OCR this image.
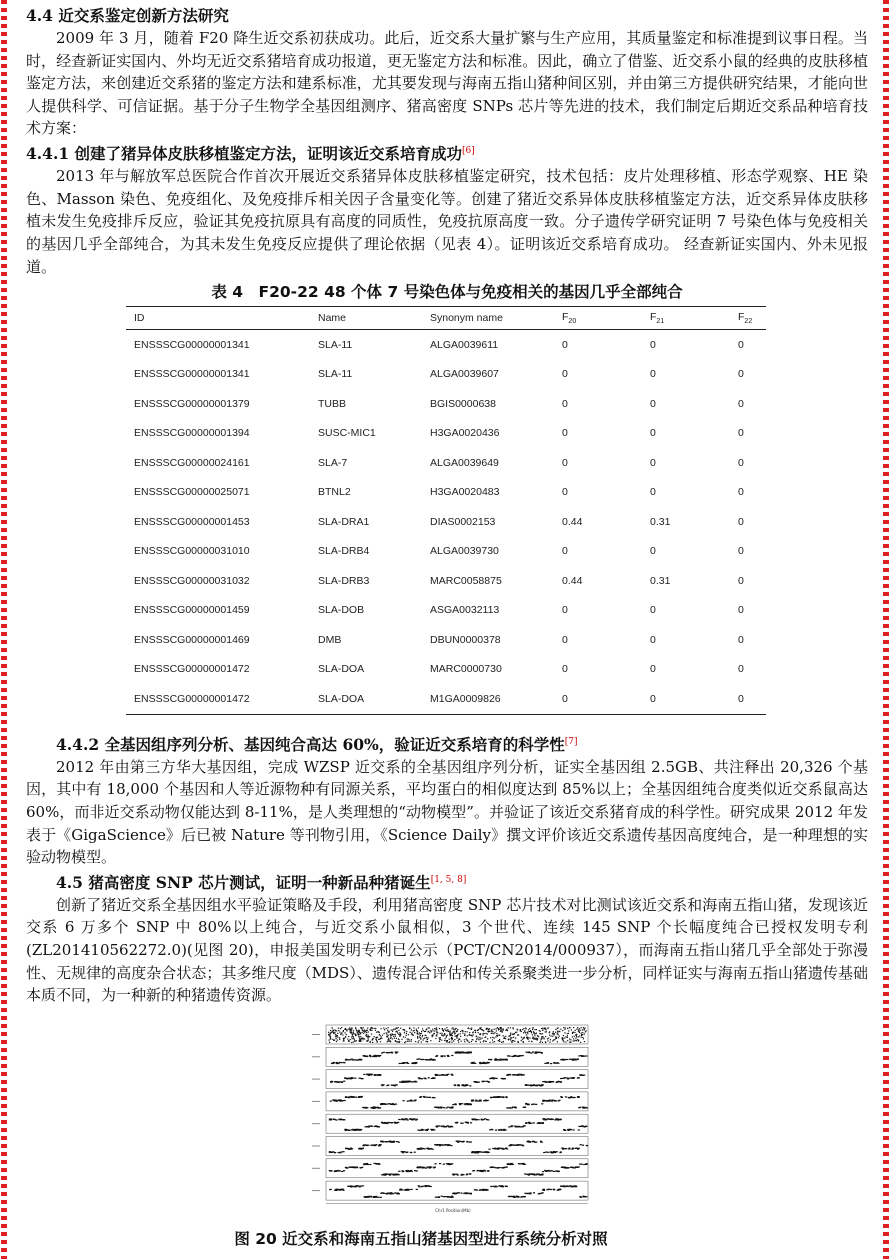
4.4 近交系鉴定创新方法研究

2009 年 3 月，随着 F20 降生近交系初获成功。此后，近交系大量扩繁与生产应用，其质量鉴定和标准提到议事日程。当时，经查新证实国内、外均无近交系猪培育成功报道，更无鉴定方法和标准。因此，确立了借鉴、近交系小鼠的经典的皮肤移植鉴定方法，来创建近交系猪的鉴定方法和建系标准，尤其要发现与海南五指山猪种间区别，并由第三方提供研究结果，才能向世人提供科学、可信证据。基于分子生物学全基因组测序、猪高密度 SNPs 芯片等先进的技术，我们制定后期近交系品种培育技术方案：

4.4.1 创建了猪异体皮肤移植鉴定方法，证明该近交系培育成功[6]

2013 年与解放军总医院合作首次开展近交系猪异体皮肤移植鉴定研究，技术包括：皮片处理移植、形态学观察、HE 染色、Masson 染色、免疫组化、及免疫排斥相关因子含量变化等。创建了猪近交系异体皮肤移植鉴定方法，近交系异体皮肤移植未发生免疫排斥反应，验证其免疫抗原具有高度的同质性，免疫抗原高度一致。分子遗传学研究证明 7 号染色体与免疫相关的基因几乎全部纯合，为其未发生免疫反应提供了理论依据（见表 4）。证明该近交系培育成功。 经查新证实国内、外未见报道。

表 4　F20-22 48 个体 7 号染色体与免疫相关的基因几乎全部纯合

ID	Name	Synonym name	$F_{20}$	$F_{21}$	$F_{22}$
ENSSSCG00000001341	SLA-11	ALGA0039611	0	0	0
ENSSSCG00000001341	SLA-11	ALGA0039607	0	0	0
ENSSSCG00000001379	TUBB	BGIS0000638	0	0	0
ENSSSCG00000001394	SUSC-MIC1	H3GA0020436	0	0	0
ENSSSCG00000024161	SLA-7	ALGA0039649	0	0	0
ENSSSCG00000025071	BTNL2	H3GA0020483	0	0	0
ENSSSCG00000001453	SLA-DRA1	DIAS0002153	0.44	0.31	0
ENSSSCG00000031010	SLA-DRB4	ALGA0039730	0	0	0
ENSSSCG00000031032	SLA-DRB3	MARC0058875	0.44	0.31	0
ENSSSCG00000001459	SLA-DOB	ASGA0032113	0	0	0
ENSSSCG00000001469	DMB	DBUN0000378	0	0	0
ENSSSCG00000001472	SLA-DOA	MARC0000730	0	0	0
ENSSSCG00000001472	SLA-DOA	M1GA0009826	0	0	0

4.4.2 全基因组序列分析、基因纯合高达 60%，验证近交系培育的科学性[7]

2012 年由第三方华大基因组，完成 WZSP 近交系的全基因组序列分析，证实全基因组 2.5GB、共注释出 20,326 个基因，其中有 18,000 个基因和人等近源物种有同源关系，平均蛋白的相似度达到 85%以上；全基因组纯合度类似近交系鼠高达 60%，而非近交系动物仅能达到 8-11%，是人类理想的“动物模型”。并验证了该近交系猪育成的科学性。研究成果 2012 年发表于《GigaScience》后已被 Nature 等刊物引用，《Science Daily》撰文评价该近交系遗传基因高度纯合，是一种理想的实验动物模型。

4.5 猪高密度 SNP 芯片测试，证明一种新品种猪诞生[1, 5, 8]

创新了猪近交系全基因组水平验证策略及手段，利用猪高密度 SNP 芯片技术对比测试该近交系和海南五指山猪，发现该近交系 6 万多个 SNP 中 80%以上纯合，与近交系小鼠相似，3 个世代、连续 145 SNP 个长幅度纯合已授权发明专利(ZL201410562272.0)(见图 20)，申报美国发明专利已公示（PCT/CN2014/000937），而海南五指山猪几乎全部处于弥漫性、无规律的高度杂合状态；其多维尺度（MDS）、遗传混合评估和传关系聚类进一步分析，同样证实与海南五指山猪遗传基础本质不同，为一种新的种猪遗传资源。

Chr1 Position(Mb)
图 20 近交系和海南五指山猪基因型进行系统分析对照
